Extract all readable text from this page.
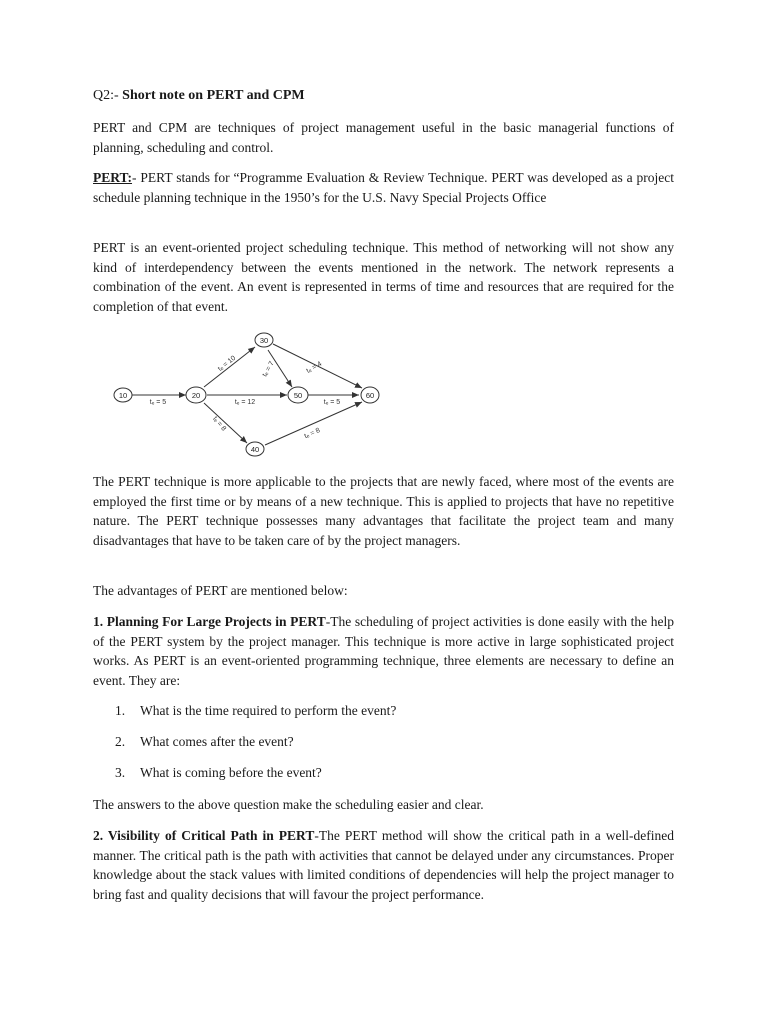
Q2:- Short note on PERT and CPM

PERT and CPM are techniques of project management useful in the basic managerial functions of planning, scheduling and control.

PERT:- PERT stands for “Programme Evaluation & Review Technique. PERT was developed as a project schedule planning technique in the 1950’s for the U.S. Navy Special Projects Office

PERT is an event-oriented project scheduling technique. This method of networking will not show any kind of interdependency between the events mentioned in the network. The network represents a combination of the event. An event is represented in terms of time and resources that are required for the completion of that event.

The PERT technique is more applicable to the projects that are newly faced, where most of the events are employed the first time or by means of a new technique. This is applied to projects that have no repetitive nature. The PERT technique possesses many advantages that facilitate the project team and many disadvantages that have to be taken care of by the project managers.

The advantages of PERT are mentioned below:

1. Planning For Large Projects in PERT-The scheduling of project activities is done easily with the help of the PERT system by the project manager. This technique is more active in large sophisticated project works. As PERT is an event-oriented programming technique, three elements are necessary to define an event. They are:

1. What is the time required to perform the event?
2. What comes after the event?
3. What is coming before the event?

The answers to the above question make the scheduling easier and clear.

2. Visibility of Critical Path in PERT-The PERT method will show the critical path in a well-defined manner. The critical path is the path with activities that cannot be delayed under any circumstances. Proper knowledge about the stack values with limited conditions of dependencies will help the project manager to bring fast and quality decisions that will favour the project performance.

10	20
30
40
50	60
tₑ = 5
tₑ = 10
tₑ = 12
tₑ = 8
tₑ = 7	tₑ = 4
tₑ = 5
tₑ = 8
